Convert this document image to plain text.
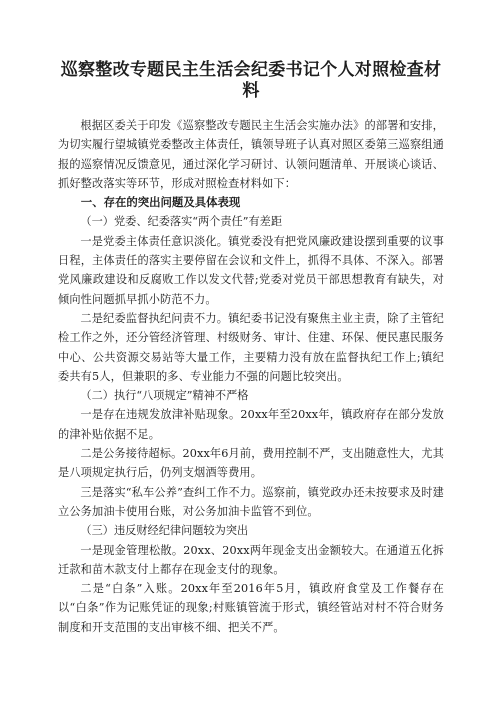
巡察整改专题民主生活会纪委书记个人对照检查材料

根据区委关于印发《巡察整改专题民主生活会实施办法》的部署和安排，为切实履行望城镇党委整改主体责任，镇领导班子认真对照区委第三巡察组通报的巡察情况反馈意见，通过深化学习研讨、认领问题清单、开展谈心谈话、抓好整改落实等环节，形成对照检查材料如下：

一、存在的突出问题及具体表现

（一）党委、纪委落实“两个责任”有差距

一是党委主体责任意识淡化。镇党委没有把党风廉政建设摆到重要的议事日程，主体责任的落实主要停留在会议和文件上，抓得不具体、不深入。部署党风廉政建设和反腐败工作以发文代替;党委对党员干部思想教育有缺失，对倾向性问题抓早抓小防范不力。

二是纪委监督执纪问责不力。镇纪委书记没有聚焦主业主责，除了主管纪检工作之外，还分管经济管理、村级财务、审计、住建、环保、便民惠民服务中心、公共资源交易站等大量工作，主要精力没有放在监督执纪工作上;镇纪委共有5人，但兼职的多、专业能力不强的问题比较突出。

（二）执行“八项规定”精神不严格

一是存在违规发放津补贴现象。20xx年至20xx年，镇政府存在部分发放的津补贴依据不足。

二是公务接待超标。20xx年6月前，费用控制不严，支出随意性大，尤其是八项规定执行后，仍列支烟酒等费用。

三是落实“私车公养”查纠工作不力。巡察前，镇党政办还未按要求及时建立公务加油卡使用台账，对公务加油卡监管不到位。

（三）违反财经纪律问题较为突出

一是现金管理松散。20xx、20xx两年现金支出金额较大。在通道五化拆迁款和苗木款支付上都存在现金支付的现象。

二是“白条”入账。20xx年至2016年5月，镇政府食堂及工作餐存在以“白条”作为记账凭证的现象;村账镇管流于形式，镇经管站对村不符合财务制度和开支范围的支出审核不细、把关不严。
